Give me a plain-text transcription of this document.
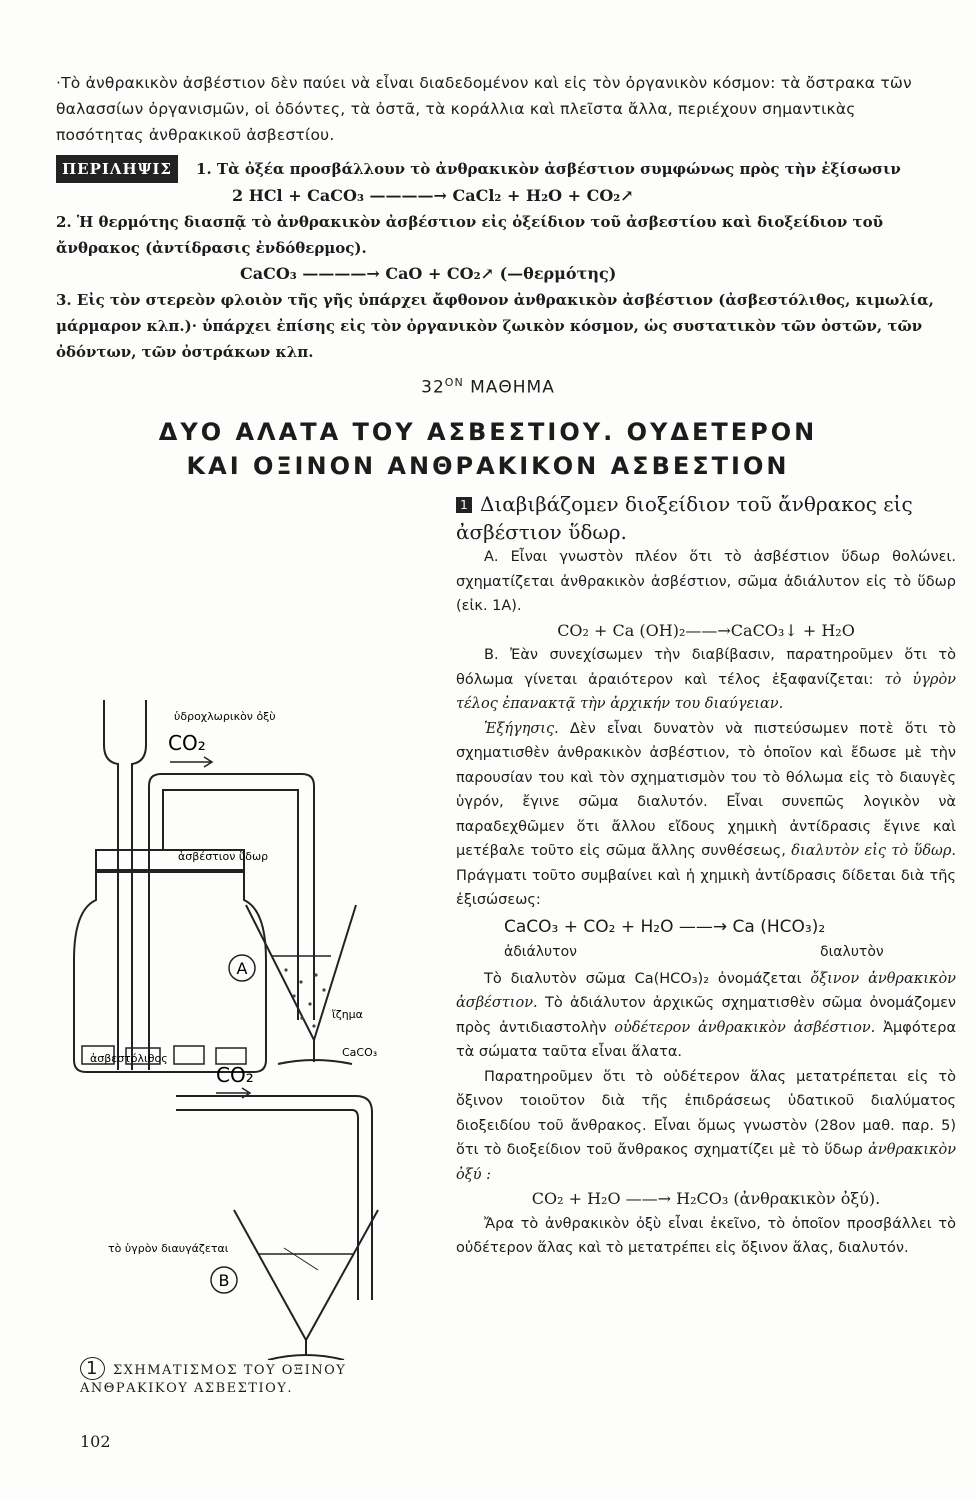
·Τὸ ἀνθρακικὸν ἀσβέστιον δὲν παύει νὰ εἶναι διαδεδομένον καὶ εἰς τὸν ὀργανικὸν κόσμον: τὰ ὄστρακα τῶν θαλασσίων ὀργανισμῶν, οἱ ὀδόντες, τὰ ὀστᾶ, τὰ κοράλλια καὶ πλεῖστα ἄλλα, περιέχουν σημαντικὰς ποσότητας ἀνθρακικοῦ ἀσβεστίου.

ΠΕΡΙΛΗΨΙΣ 1. Τὰ ὀξέα προσβάλλουν τὸ ἀνθρακικὸν ἀσβέστιον συμφώνως πρὸς τὴν ἐξίσωσιν

2 HCl + CaCO₃ ————→ CaCl₂ + H₂O + CO₂↗

2. Ἡ θερμότης διασπᾷ τὸ ἀνθρακικὸν ἀσβέστιον εἰς ὀξείδιον τοῦ ἀσβεστίου καὶ διοξείδιον τοῦ ἄνθρακος (ἀντίδρασις ἐνδόθερμος).

CaCO₃ ————→ CaO + CO₂↗ (—θερμότης)

3. Εἰς τὸν στερεὸν φλοιὸν τῆς γῆς ὑπάρχει ἄφθονον ἀνθρακικὸν ἀσβέστιον (ἀσβεστόλιθος, κιμωλία, μάρμαρον κλπ.)· ὑπάρχει ἐπίσης εἰς τὸν ὀργανικὸν ζωικὸν κόσμον, ὡς συστατικὸν τῶν ὀστῶν, τῶν ὀδόντων, τῶν ὀστράκων κλπ.

$32^{ON}$ ΜΑΘΗΜΑ
ΔΥΟ ΑΛΑΤΑ ΤΟΥ ΑΣΒΕΣΤΙΟΥ. ΟΥΔΕΤΕΡΟΝ
ΚΑΙ ΟΞΙΝΟΝ ΑΝΘΡΑΚΙΚΟΝ ΑΣΒΕΣΤΙΟΝ
1 Διαβιβάζομεν διοξείδιον τοῦ ἄνθρακος εἰς ἀσβέστιον ὕδωρ.

Α. Εἶναι γνωστὸν πλέον ὅτι τὸ ἀσβέστιον ὕδωρ θολώνει. σχηματίζεται ἀνθρακικὸν ἀσβέστιον, σῶμα ἀδιάλυτον εἰς τὸ ὕδωρ (εἰκ. 1Α).

CO₂ + Ca (OH)₂——→CaCO₃↓ + H₂O

Β. Ἐὰν συνεχίσωμεν τὴν διαβίβασιν, παρατηροῦμεν ὅτι τὸ θόλωμα γίνεται ἀραιότερον καὶ τέλος ἐξαφανίζεται: τὸ ὑγρὸν τέλος ἐπανακτᾷ τὴν ἀρχικήν του διαύγειαν.

Ἐξήγησις. Δὲν εἶναι δυνατὸν νὰ πιστεύσωμεν ποτὲ ὅτι τὸ σχηματισθὲν ἀνθρακικὸν ἀσβέστιον, τὸ ὁποῖον καὶ ἔδωσε μὲ τὴν παρουσίαν του καὶ τὸν σχηματισμὸν του τὸ θόλωμα εἰς τὸ διαυγὲς ὑγρόν, ἔγινε σῶμα διαλυτόν. Εἶναι συνεπῶς λογικὸν νὰ παραδεχθῶμεν ὅτι ἄλλου εἴδους χημικὴ ἀντίδρασις ἔγινε καὶ μετέβαλε τοῦτο εἰς σῶμα ἄλλης συνθέσεως, διαλυτὸν εἰς τὸ ὕδωρ. Πράγματι τοῦτο συμβαίνει καὶ ἡ χημικὴ ἀντίδρασις δίδεται διὰ τῆς ἐξισώσεως:

CaCO₃ + CO₂ + H₂O ——→ Ca (HCO₃)₂
ἀδιάλυτον	διαλυτὸν

Τὸ διαλυτὸν σῶμα Ca(HCO₃)₂ ὀνομάζεται ὄξινον ἀνθρακικὸν ἀσβέστιον. Τὸ ἀδιάλυτον ἀρχικῶς σχηματισθὲν σῶμα ὀνομάζομεν πρὸς ἀντιδιαστολὴν οὐδέτερον ἀνθρακικὸν ἀσβέστιον. Ἀμφότερα τὰ σώματα ταῦτα εἶναι ἅλατα.

Παρατηροῦμεν ὅτι τὸ οὐδέτερον ἅλας μετατρέπεται εἰς τὸ ὄξινον τοιοῦτον διὰ τῆς ἐπιδράσεως ὑδατικοῦ διαλύματος διοξειδίου τοῦ ἄνθρακος. Εἶναι ὅμως γνωστὸν (28ον μαθ. παρ. 5) ὅτι τὸ διοξείδιον τοῦ ἄνθρακος σχηματίζει μὲ τὸ ὕδωρ ἀνθρακικὸν ὀξύ :

CO₂ + H₂O ——→ H₂CO₃ (ἀνθρακικὸν ὀξύ).

Ἄρα τὸ ἀνθρακικὸν ὀξὺ εἶναι ἐκεῖνο, τὸ ὁποῖον προσβάλλει τὸ οὐδέτερον ἅλας καὶ τὸ μετατρέπει εἰς ὄξινον ἅλας, διαλυτόν.

ὑδροχλωρικὸν ὀξὺ
CO₂
ἀσβέστιον ὕδωρ
A
ἴζημα
CaCO₃
ἀσβεστόλιθος
CO₂
τὸ ὑγρὸν διαυγάζεται
B
1 ΣΧΗΜΑΤΙΣΜΟΣ ΤΟΥ ΟΞΙΝΟΥ ΑΝΘΡΑΚΙΚΟΥ ΑΣΒΕΣΤΙΟΥ.
102
